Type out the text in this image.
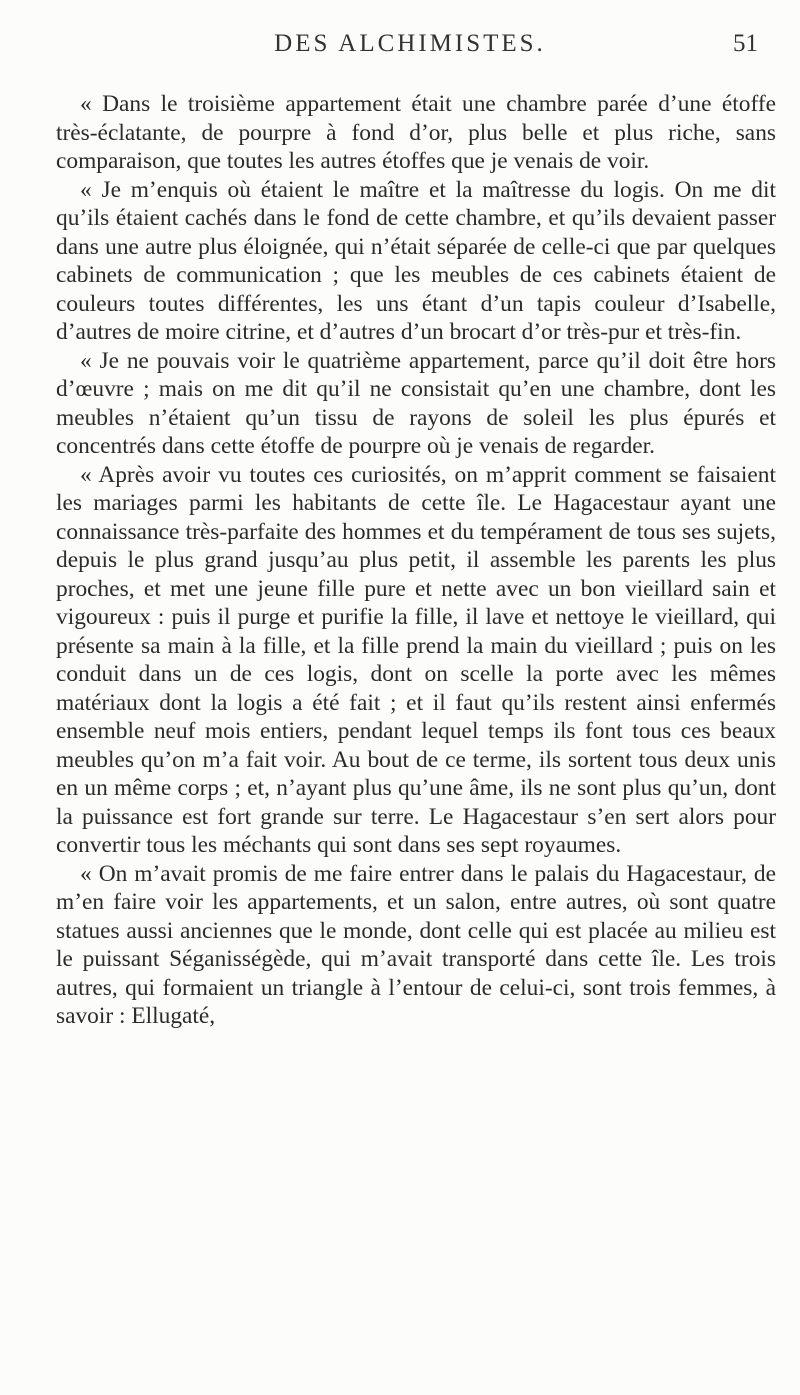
DES ALCHIMISTES.	51

« Dans le troisième appartement était une chambre parée d’une étoffe très-éclatante, de pourpre à fond d’or, plus belle et plus riche, sans comparaison, que toutes les autres étoffes que je venais de voir.

« Je m’enquis où étaient le maître et la maîtresse du logis. On me dit qu’ils étaient cachés dans le fond de cette chambre, et qu’ils devaient passer dans une autre plus éloignée, qui n’était séparée de celle-ci que par quelques cabinets de communication ; que les meubles de ces cabinets étaient de couleurs toutes différentes, les uns étant d’un tapis couleur d’Isabelle, d’autres de moire citrine, et d’autres d’un brocart d’or très-pur et très-fin.

« Je ne pouvais voir le quatrième appartement, parce qu’il doit être hors d’œuvre ; mais on me dit qu’il ne consistait qu’en une chambre, dont les meubles n’étaient qu’un tissu de rayons de soleil les plus épurés et concentrés dans cette étoffe de pourpre où je venais de regarder.

« Après avoir vu toutes ces curiosités, on m’apprit comment se faisaient les mariages parmi les habitants de cette île. Le Hagacestaur ayant une connaissance très-parfaite des hommes et du tempérament de tous ses sujets, depuis le plus grand jusqu’au plus petit, il assemble les parents les plus proches, et met une jeune fille pure et nette avec un bon vieillard sain et vigoureux : puis il purge et purifie la fille, il lave et nettoye le vieillard, qui présente sa main à la fille, et la fille prend la main du vieillard ; puis on les conduit dans un de ces logis, dont on scelle la porte avec les mêmes matériaux dont la logis a été fait ; et il faut qu’ils restent ainsi enfermés ensemble neuf mois entiers, pendant lequel temps ils font tous ces beaux meubles qu’on m’a fait voir. Au bout de ce terme, ils sortent tous deux unis en un même corps ; et, n’ayant plus qu’une âme, ils ne sont plus qu’un, dont la puissance est fort grande sur terre. Le Hagacestaur s’en sert alors pour convertir tous les méchants qui sont dans ses sept royaumes.

« On m’avait promis de me faire entrer dans le palais du Hagacestaur, de m’en faire voir les appartements, et un salon, entre autres, où sont quatre statues aussi anciennes que le monde, dont celle qui est placée au milieu est le puissant Séganisségède, qui m’avait transporté dans cette île. Les trois autres, qui formaient un triangle à l’entour de celui-ci, sont trois femmes, à savoir : Ellugaté,
